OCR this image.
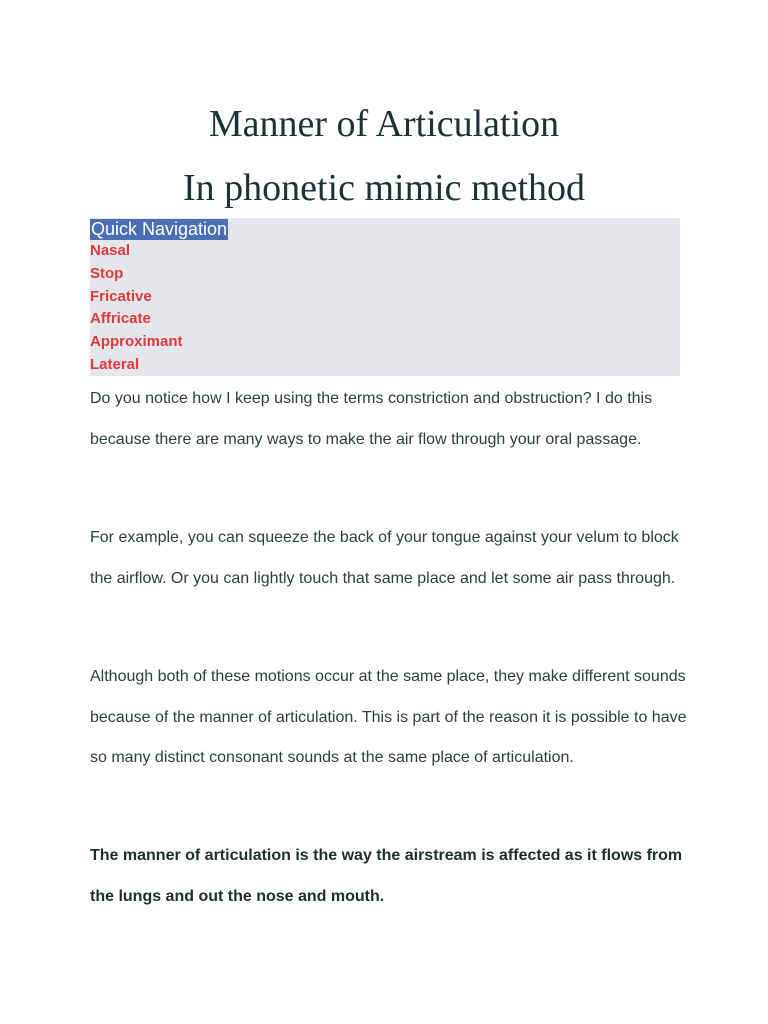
Manner of Articulation
In phonetic mimic method
Quick Navigation
Nasal
Stop
Fricative
Affricate
Approximant
Lateral

Do you notice how I keep using the terms constriction and obstruction? I do this because there are many ways to make the air flow through your oral passage.

For example, you can squeeze the back of your tongue against your velum to block the airflow. Or you can lightly touch that same place and let some air pass through.

Although both of these motions occur at the same place, they make different sounds because of the manner of articulation. This is part of the reason it is possible to have so many distinct consonant sounds at the same place of articulation.

The manner of articulation is the way the airstream is affected as it flows from the lungs and out the nose and mouth.
